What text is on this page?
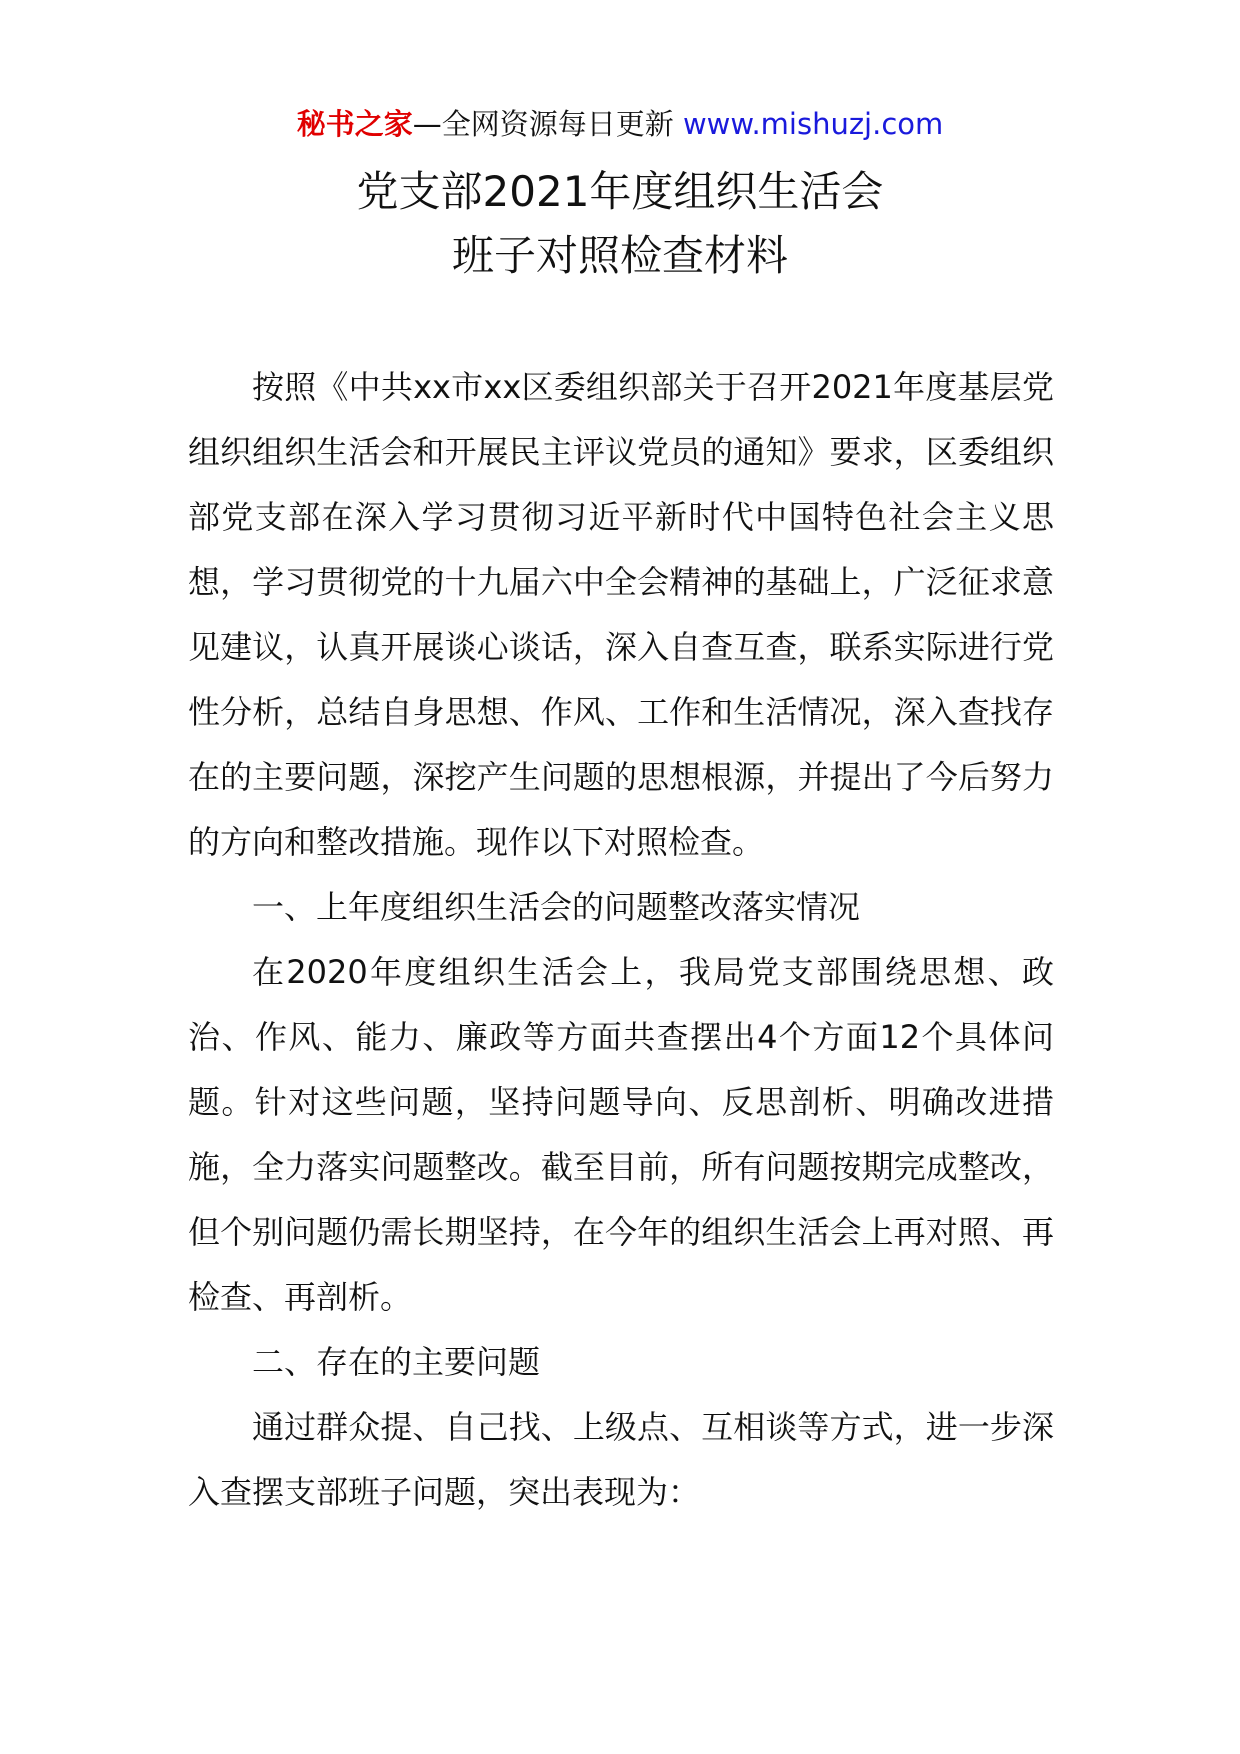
秘书之家—全网资源每日更新 www.mishuzj.com
党支部2021年度组织生活会
班子对照检查材料

按照《中共xx市xx区委组织部关于召开2021年度基层党组织组织生活会和开展民主评议党员的通知》要求，区委组织部党支部在深入学习贯彻习近平新时代中国特色社会主义思想，学习贯彻党的十九届六中全会精神的基础上，广泛征求意见建议，认真开展谈心谈话，深入自查互查，联系实际进行党性分析，总结自身思想、作风、工作和生活情况，深入查找存在的主要问题，深挖产生问题的思想根源，并提出了今后努力的方向和整改措施。现作以下对照检查。

一、上年度组织生活会的问题整改落实情况

在2020年度组织生活会上，我局党支部围绕思想、政治、作风、能力、廉政等方面共查摆出4个方面12个具体问题。针对这些问题，坚持问题导向、反思剖析、明确改进措施，全力落实问题整改。截至目前，所有问题按期完成整改，但个别问题仍需长期坚持，在今年的组织生活会上再对照、再检查、再剖析。

二、存在的主要问题

通过群众提、自己找、上级点、互相谈等方式，进一步深入查摆支部班子问题，突出表现为：
